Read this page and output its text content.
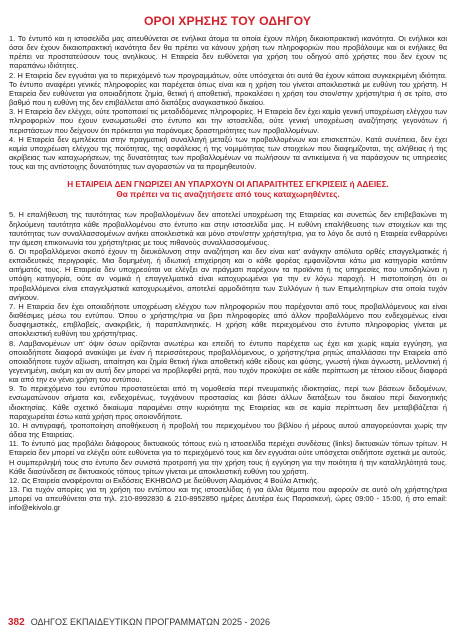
ΟΡΟΙ ΧΡΗΣΗΣ ΤΟΥ ΟΔΗΓΟΥ

1. Το έντυπό και η ιστοσελίδα μας απευθύνεται σε ενήλικα άτομα τα οποία έχουν πλήρη δικαιοπρακτική ικανότητα. Οι ενήλικοι και όσοι δεν έχουν δικαιοπρακτική ικανότητα δεν θα πρέπει να κάνουν χρήση των πληροφοριών που προβάλουμε και οι ενήλικες θα πρέπει να προστατεύσουν τους ανηλίκους. Η Εταιρεία δεν ευθύνεται για χρήση του οδηγού από χρήστες που δεν έχουν τις παραπάνω ιδιότητες.

2. Η Εταιρεία δεν εγγυάται για το περιεχόμενό των προγραμμάτων, ούτε υπόσχεται ότι αυτά θα έχουν κάποια συγκεκριμένη ιδιότητα. Το έντυπο αναφέρει γενικές πληροφορίες και παρέχεται όπως είναι και η χρήση του γίνεται αποκλειστικά με ευθύνη του χρήστη. Η Εταιρεία δεν ευθύνεται για οποιαδήποτε ζημία, θετική ή αποθετική, προκαλέσει η χρήση του στον/στην χρήστη/τρια ή σε τρίτο, στο βαθμό που η ευθύνη της δεν επιβάλλεται από διατάξεις αναγκαστικού δικαίου.

3. Η Εταιρεία δεν ελέγχει, ούτε τροποποιεί τις μεταδιδόμενες πληροφορίες. Η Εταιρεία δεν έχει καμία γενική υποχρέωση ελέγχου των πληροφοριών που έχουν ενσωματωθεί στο έντυπο και την ιστοσελίδα, ούτε γενική υποχρέωση αναζήτησης γεγονότων ή περιστάσεων που δείχνουν ότι πρόκειται για παράνομες δραστηριότητες των προβαλλομένων.

4. Η Εταιρεία δεν εμπλέκεται στην πραγματική συναλλαγή μεταξύ των προβαλλομένων και επισκεπτών. Κατά συνέπεια, δεν έχει καμία υποχρέωση ελέγχου της ποιότητας, της ασφάλειας ή της νομιμότητας των στοιχείων που διαφημίζονται, της αλήθειας ή της ακρίβειας των καταχωρήσεων, της δυνατότητας των προβαλλομένων να πωλήσουν τα αντικείμενα ή να παράσχουν τις υπηρεσίες τους και της αντίστοιχης δυνατότητας των αγοραστών να τα προμηθευτούν.

Η ΕΤΑΙΡΕΙΑ ΔΕΝ ΓΝΩΡΙΖΕΙ ΑΝ ΥΠΑΡΧΟΥΝ ΟΙ ΑΠΑΡΑΙΤΗΤΕΣ ΕΓΚΡΙΣΕΙΣ ή ΑΔΕΙΕΣ.
Θα πρέπει να τις αναζητήσετε από τους καταχωρηθέντες.

5. Η επαλήθευση της ταυτότητας των προβαλλομένων δεν αποτελεί υποχρέωση της Εταιρείας και συνεπώς δεν επιβεβαιώνει τη δηλούμενη ταυτότητα κάθε προβαλλομένου στο έντυπο και στην ιστοσελίδα μας. Η ευθύνη επαλήθευσης των στοιχείων και της ταυτότητας των συναλλασσομένων ανήκει αποκλειστικά και μόνο στον/στην χρήστη/τρια, για το λόγο δε αυτό η Εταιρεία ενθαρρύνει την άμεση επικοινωνία του χρήστη/τριας με τους πιθανούς συναλλασσομένους.

6. Οι προβαλλόμενοι σκοπό έχουν τη διευκόλυνση στην αναζήτηση και δεν είναι κατ' ανάγκην απόλυτα ορθές επαγγελματικές ή εκπαιδευτικές περιγραφές. Μια δομημένη, ή ιδιωτική επιχείρηση και ο κάθε φορέας εμφανίζονται κάτω μια κατηγορία κατόπιν αιτήματός τους. Η Εταιρεία δεν υποχρεούται να ελέγξει αν πράγματι παρέχουν τα προϊόντα ή τις υπηρεσίες που υποδηλώνει η υπόψη κατηγορία, ούτε αν νομικά ή επαγγελματικά είναι κατοχυρωμένοι για την εν λόγω παροχή. Η πιστοποίηση ότι οι προβαλλόμενοι είναι επαγγελματικά κατοχυρωμένοι, αποτελεί αρμοδιότητα των Συλλόγων ή των Επιμελητηρίων στα οποία τυχόν ανήκουν.

7. Η Εταιρεία δεν έχει οποιαδήποτε υποχρέωση ελέγχου των πληροφοριών που παρέχονται από τους προβαλλόμενους και είναι διαθέσιμες μέσω του εντύπου. Όπου ο χρήστης/τρια να βρει πληροφορίες από άλλον προβαλλόμενο που ενδεχομένως είναι δυσφημιστικές, επιβλαβείς, ανακριβείς, ή παραπλανητικές. Η χρήση κάθε περιεχομένου στο έντυπο πληροφορίας γίνεται με αποκλειστική ευθύνη του χρήστη/τριας.

8. Λαμβανομένων υπ' όψιν όσων ορίζονται ανωτέρω και επειδή το έντυπο παρέχεται ως έχει και χωρίς καμία εγγύηση, για οποιαδήποτε διαφορά ανακύψει με έναν ή περισσότερους προβαλλόμενους, ο χρήστης/τρια ρητώς απαλλάσσει την Εταιρεία από οποιαδήποτε τυχόν αξίωση, απαίτηση και ζημία θετική ή/και αποθετική κάθε είδους και φύσης, γνωστή ή/και άγνωστη, μελλοντική ή γεγενημένη, ακόμη και αν αυτή δεν μπορεί να προβλεφθεί ρητά, που τυχόν προκύψει σε κάθε περίπτωση με τέτοιου είδους διαφορά και από την εν γένει χρήση του εντύπου.

9. Το περιεχόμενο του εντύπου προστατεύεται από τη νομοθεσία περί πνευματικής ιδιοκτησίας, περί των βάσεων δεδομένων, ενσωματώνουν σήματα και, ενδεχομένως, τυγχάνουν προστασίας και βάσει άλλων διατάξεων του δικαίου περί διανοητικής ιδιοκτησίας. Κάθε σχετικό δικαίωμα παραμένει στην κυριότητα της Εταιρείας και σε καμία περίπτωση δεν μεταβιβάζεται ή παραχωρείται έστω κατά χρήση προς οποιονδήποτε.

10. Η αντιγραφή, τροποποίηση αποθήκευση ή προβολή του περιεχομένου του βιβλίου ή μέρους αυτού απαγορεύονται χωρίς την άδεια της Εταιρείας.

11. Το έντυπό μας προβάλει διάφορους δικτυακούς τόπους ενώ η ιστοσελίδα περιέχει συνδέσεις (links) δικτυακών τόπων τρίτων. Η Εταιρεία δεν μπορεί να ελέγξει ούτε ευθύνεται για το περιεχόμενό τους και δεν εγγυάται ούτε υπόσχεται οτιδήποτε σχετικά με αυτούς. Η συμπεριληψή τους στο έντυπο δεν συνιστά προτροπή για την χρήση τους ή εγγύηση για την ποιότητα ή την καταλληλότητά τους. Κάθε διασύνδεση σε δικτυακούς τόπους τρίτων γίνεται με αποκλειστική ευθύνη του χρήστη.

12. Ως Εταιρεία αναφέρονται οι Εκδόσεις ΕΚΗΒΟΛΟ με διεύθυνση Αλαμάνας 4 Βούλα Αττικής.

13. Για τυχόν απορίες για τη χρήση του εντύπου και της ιστοσελίδας ή για άλλα θέματα που αφορούν σε αυτό ο/η χρήστης/τρια μπορεί να απευθύνεται στα τηλ. 210-8992830 & 210-8952850 ημέρες Δευτέρα έως Παρασκευή, ώρες 09:00 - 15:00, ή στο email: info@ekivolo.gr

382 ΟΔΗΓΟΣ ΕΚΠΑΙΔΕΥΤΙΚΩΝ ΠΡΟΓΡΑΜΜΑΤΩΝ 2025 - 2026
